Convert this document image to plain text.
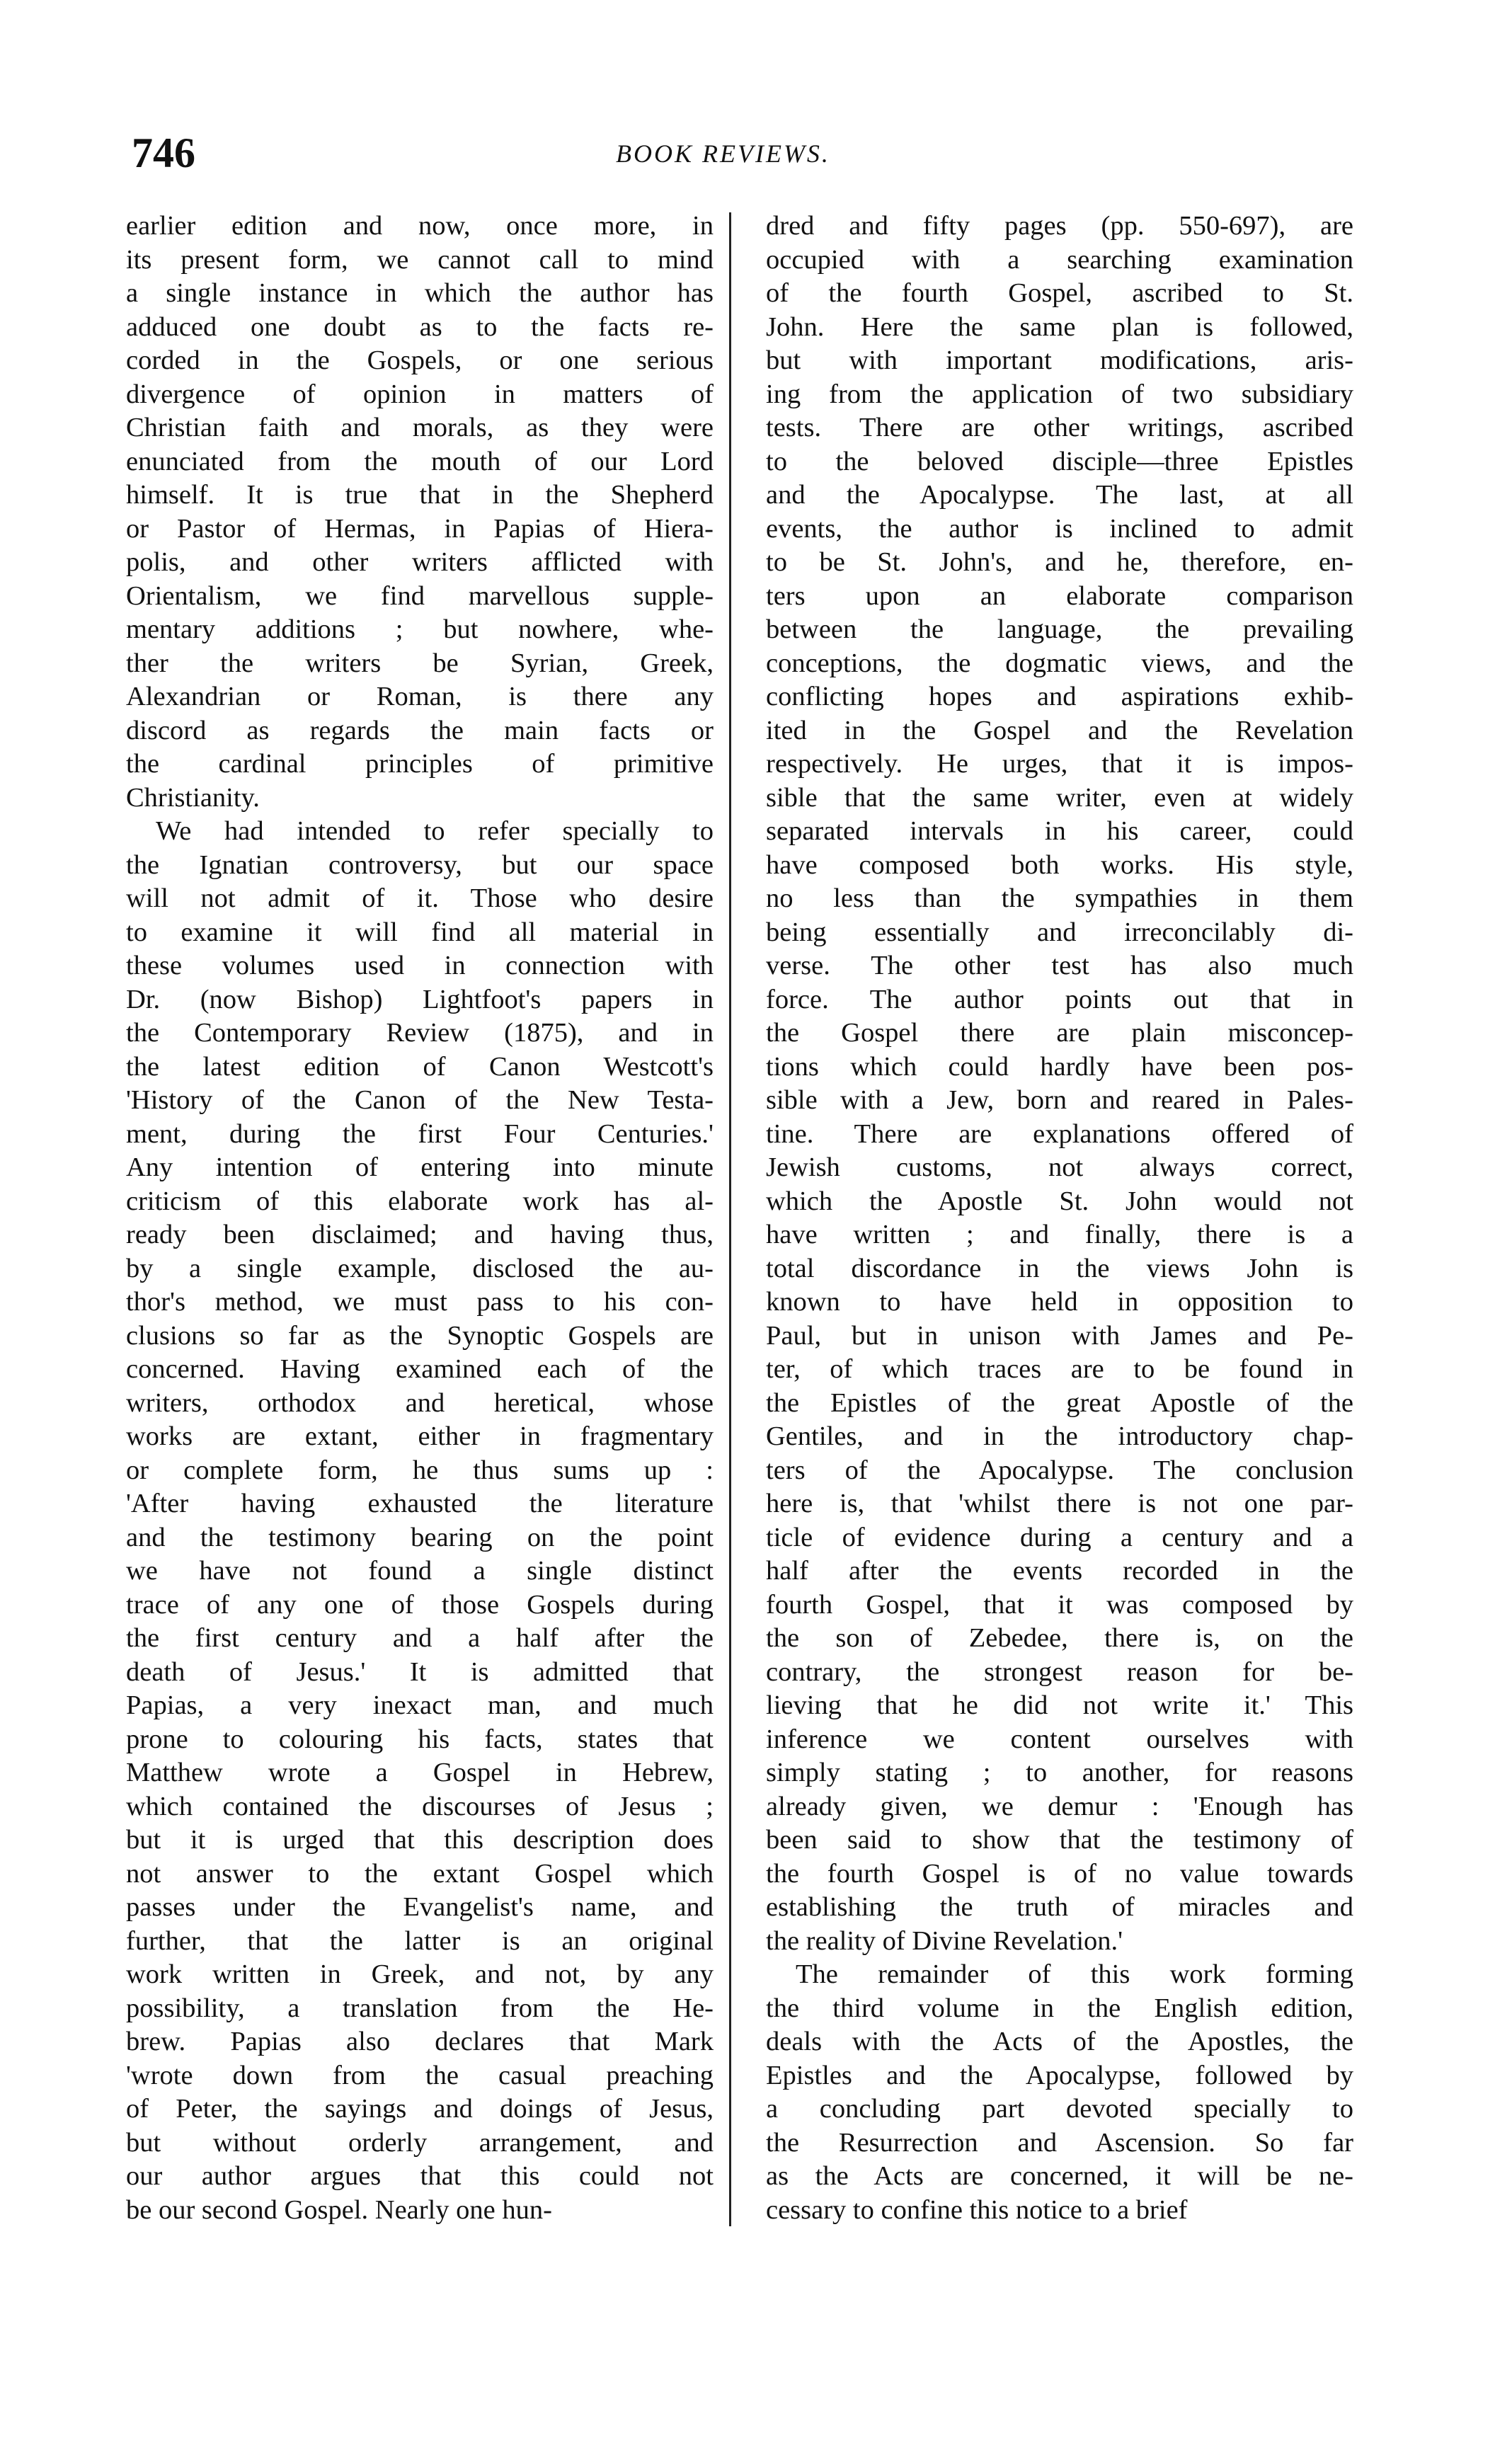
746	BOOK REVIEWS.
earlier edition and now, once more, in
its present form, we cannot call to mind
a single instance in which the author has
adduced one doubt as to the facts re-
corded in the Gospels, or one serious
divergence of opinion in matters of
Christian faith and morals, as they were
enunciated from the mouth of our Lord
himself. It is true that in the Shepherd
or Pastor of Hermas, in Papias of Hiera-
polis, and other writers afflicted with
Orientalism, we find marvellous supple-
mentary additions ; but nowhere, whe-
ther the writers be Syrian, Greek,
Alexandrian or Roman, is there any
discord as regards the main facts or
the cardinal principles of primitive
Christianity.
We had intended to refer specially to
the Ignatian controversy, but our space
will not admit of it. Those who desire
to examine it will find all material in
these volumes used in connection with
Dr. (now Bishop) Lightfoot's papers in
the Contemporary Review (1875), and in
the latest edition of Canon Westcott's
'History of the Canon of the New Testa-
ment, during the first Four Centuries.'
Any intention of entering into minute
criticism of this elaborate work has al-
ready been disclaimed; and having thus,
by a single example, disclosed the au-
thor's method, we must pass to his con-
clusions so far as the Synoptic Gospels are
concerned. Having examined each of the
writers, orthodox and heretical, whose
works are extant, either in fragmentary
or complete form, he thus sums up :
'After having exhausted the literature
and the testimony bearing on the point
we have not found a single distinct
trace of any one of those Gospels during
the first century and a half after the
death of Jesus.' It is admitted that
Papias, a very inexact man, and much
prone to colouring his facts, states that
Matthew wrote a Gospel in Hebrew,
which contained the discourses of Jesus ;
but it is urged that this description does
not answer to the extant Gospel which
passes under the Evangelist's name, and
further, that the latter is an original
work written in Greek, and not, by any
possibility, a translation from the He-
brew. Papias also declares that Mark
'wrote down from the casual preaching
of Peter, the sayings and doings of Jesus,
but without orderly arrangement, and
our author argues that this could not
be our second Gospel. Nearly one hun-
dred and fifty pages (pp. 550-697), are
occupied with a searching examination
of the fourth Gospel, ascribed to St.
John. Here the same plan is followed,
but with important modifications, aris-
ing from the application of two subsidiary
tests. There are other writings, ascribed
to the beloved disciple—three Epistles
and the Apocalypse. The last, at all
events, the author is inclined to admit
to be St. John's, and he, therefore, en-
ters upon an elaborate comparison
between the language, the prevailing
conceptions, the dogmatic views, and the
conflicting hopes and aspirations exhib-
ited in the Gospel and the Revelation
respectively. He urges, that it is impos-
sible that the same writer, even at widely
separated intervals in his career, could
have composed both works. His style,
no less than the sympathies in them
being essentially and irreconcilably di-
verse. The other test has also much
force. The author points out that in
the Gospel there are plain misconcep-
tions which could hardly have been pos-
sible with a Jew, born and reared in Pales-
tine. There are explanations offered of
Jewish customs, not always correct,
which the Apostle St. John would not
have written ; and finally, there is a
total discordance in the views John is
known to have held in opposition to
Paul, but in unison with James and Pe-
ter, of which traces are to be found in
the Epistles of the great Apostle of the
Gentiles, and in the introductory chap-
ters of the Apocalypse. The conclusion
here is, that 'whilst there is not one par-
ticle of evidence during a century and a
half after the events recorded in the
fourth Gospel, that it was composed by
the son of Zebedee, there is, on the
contrary, the strongest reason for be-
lieving that he did not write it.' This
inference we content ourselves with
simply stating ; to another, for reasons
already given, we demur : 'Enough has
been said to show that the testimony of
the fourth Gospel is of no value towards
establishing the truth of miracles and
the reality of Divine Revelation.'
The remainder of this work forming
the third volume in the English edition,
deals with the Acts of the Apostles, the
Epistles and the Apocalypse, followed by
a concluding part devoted specially to
the Resurrection and Ascension. So far
as the Acts are concerned, it will be ne-
cessary to confine this notice to a brief
